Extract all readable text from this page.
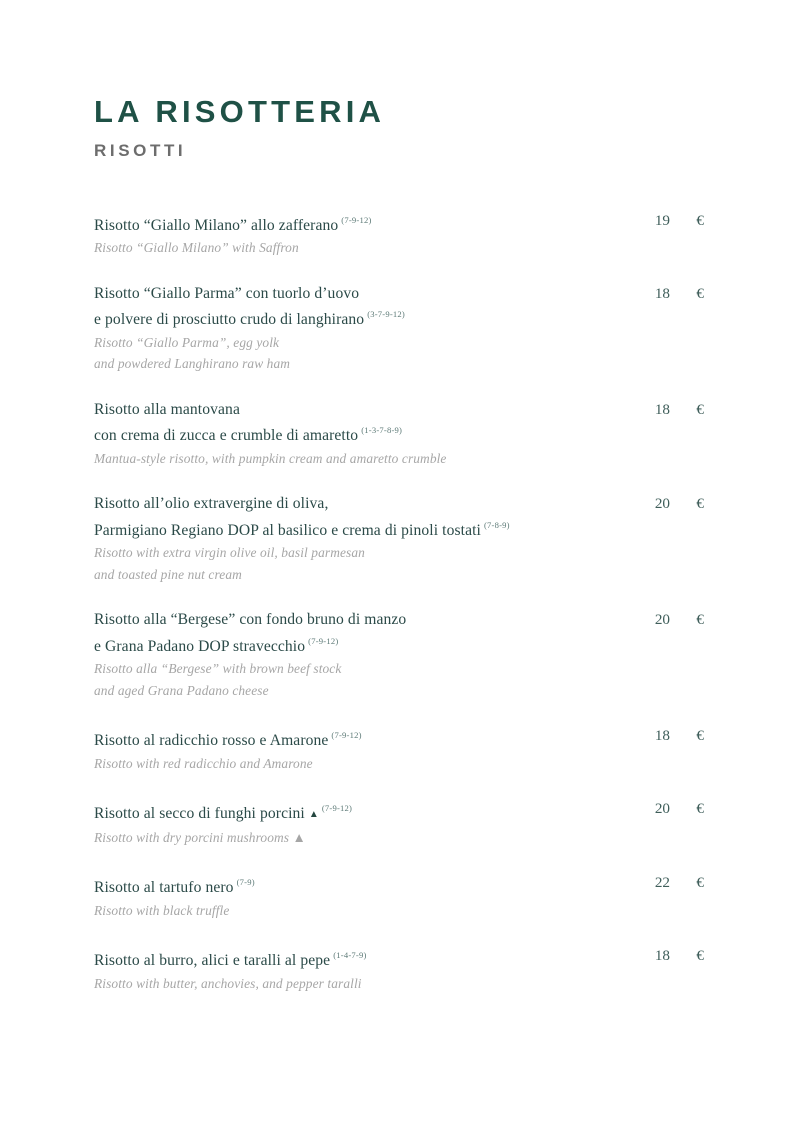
LA RISOTTERIA
RISOTTI
Risotto “Giallo Milano” allo zafferano $^{(7-9-12)}$
Risotto “Giallo Milano” with Saffron
19 €
Risotto “Giallo Parma” con tuorlo d’uovo
e polvere di prosciutto crudo di langhirano $^{(3-7-9-12)}$
Risotto “Giallo Parma”, egg yolk
and powdered Langhirano raw ham
18 €
Risotto alla mantovana
con crema di zucca e crumble di amaretto $^{(1-3-7-8-9)}$
Mantua-style risotto, with pumpkin cream and amaretto crumble
18 €
Risotto all’olio extravergine di oliva,
Parmigiano Regiano DOP al basilico e crema di pinoli tostati $^{(7-8-9)}$
Risotto with extra virgin olive oil, basil parmesan
and toasted pine nut cream
20 €
Risotto alla “Bergese” con fondo bruno di manzo
e Grana Padano DOP stravecchio $^{(7-9-12)}$
Risotto alla “Bergese” with brown beef stock
and aged Grana Padano cheese
20 €
Risotto al radicchio rosso e Amarone $^{(7-9-12)}$
Risotto with red radicchio and Amarone
18 €
Risotto al secco di funghi porcini ▲$^{(7-9-12)}$
Risotto with dry porcini mushrooms ▲
20 €
Risotto al tartufo nero $^{(7-9)}$
Risotto with black truffle
22 €
Risotto al burro, alici e taralli al pepe $^{(1-4-7-9)}$
Risotto with butter, anchovies, and pepper taralli
18 €
